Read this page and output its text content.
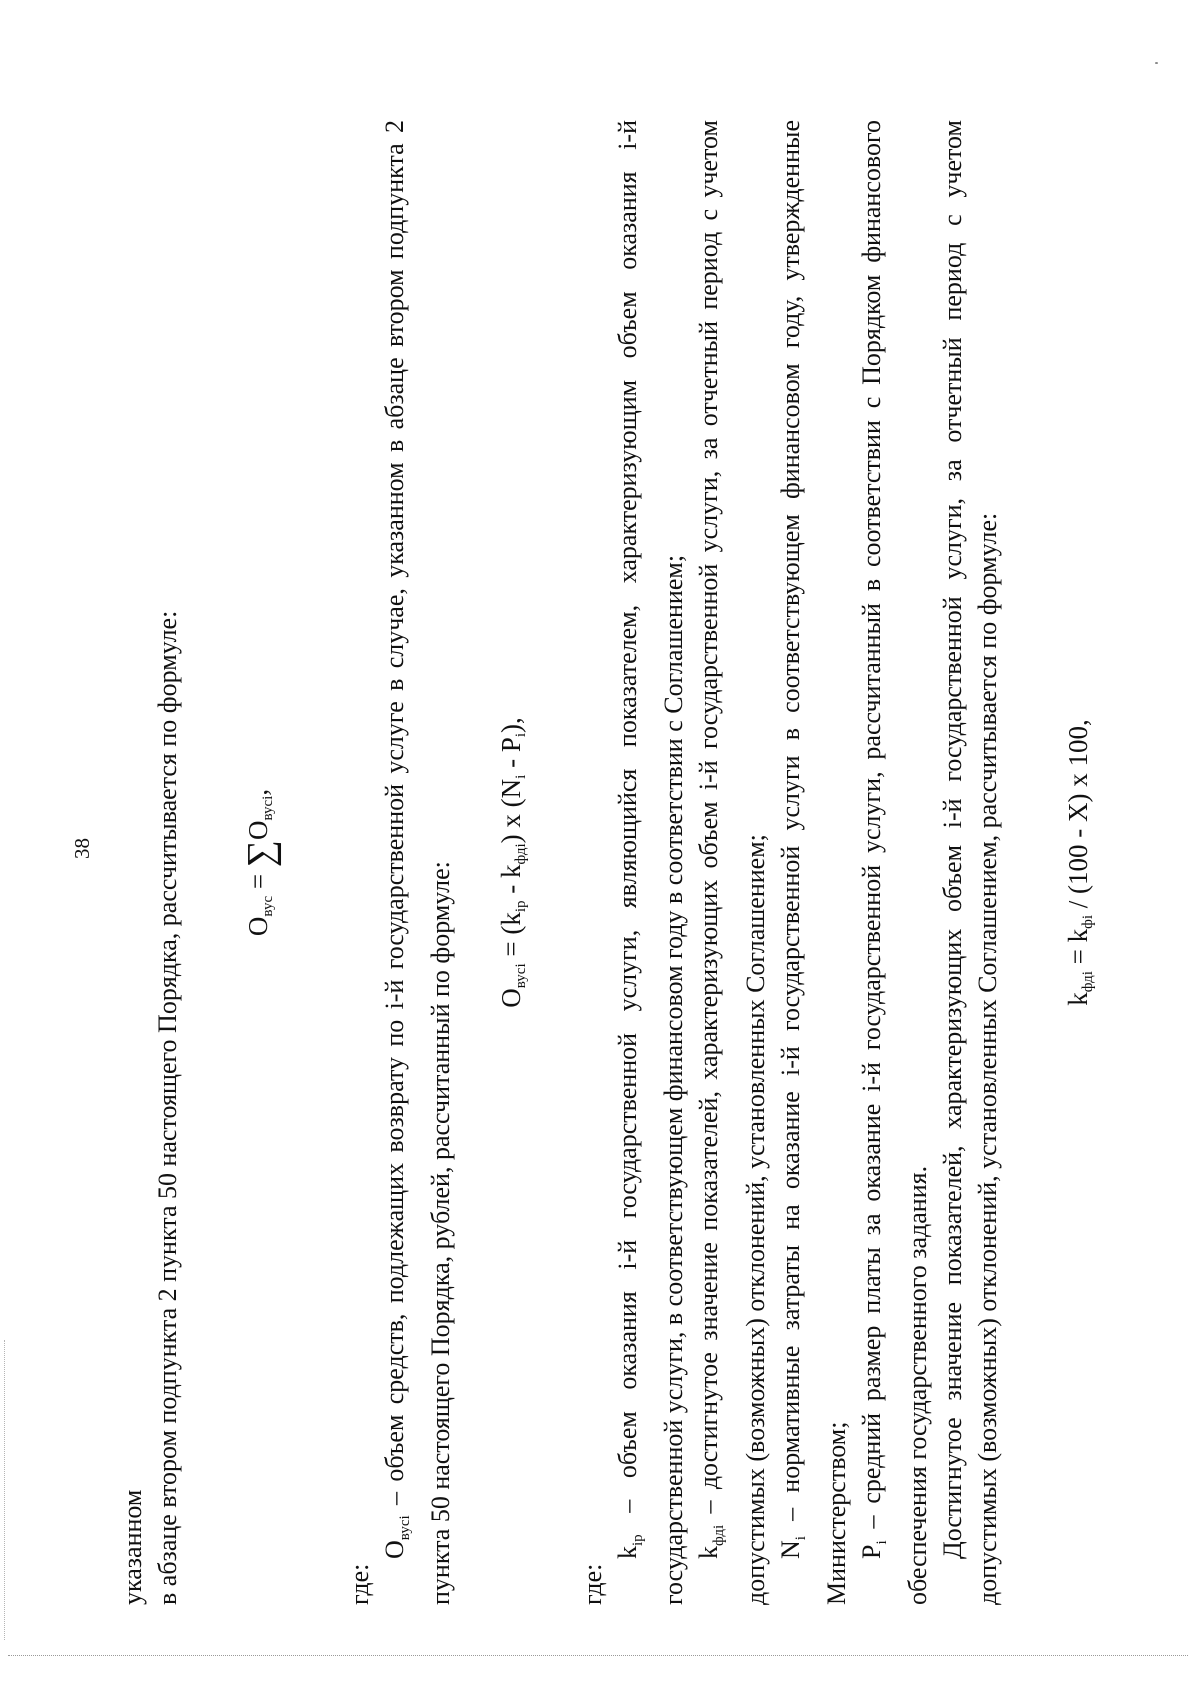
38

указанном в абзаце втором подпункта 2 пункта 50 настоящего Порядка, рассчитывается по формуле: $O_{вус} = \sum O_{вусi}$,

где:

$O_{вусi}$ – объем средств, подлежащих возврату по i-й государственной услуге в случае, указанном в абзаце втором подпункта 2 пункта 50 настоящего Порядка, рублей, рассчитанный по формуле: $O_{вусi} = (k_{ip} - k_{фдi})$ x $(N_i - P_i)$,

где:

$k_{ip}$ – объем оказания i-й государственной услуги, являющийся показателем, характеризующим объем оказания i-й государственной услуги, в соответствующем финансовом году в соответствии с Соглашением; $k_{фдi}$ – достигнутое значение показателей, характеризующих объем i-й государственной услуги, за отчетный период с учетом допустимых (возможных) отклонений, установленных Соглашением; $N_i$ – нормативные затраты на оказание i-й государственной услуги в соответствующем финансовом году, утвержденные Министерством; $P_i$ – средний размер платы за оказание i-й государственной услуги, рассчитанный в соответствии с Порядком финансового обеспечения государственного задания. Достигнутое значение показателей, характеризующих объем i-й государственной услуги, за отчетный период с учетом допустимых (возможных) отклонений, установленных Соглашением, рассчитывается по формуле: $k_{фдi} = k_{фi} / (100 - X)$ x 100,
